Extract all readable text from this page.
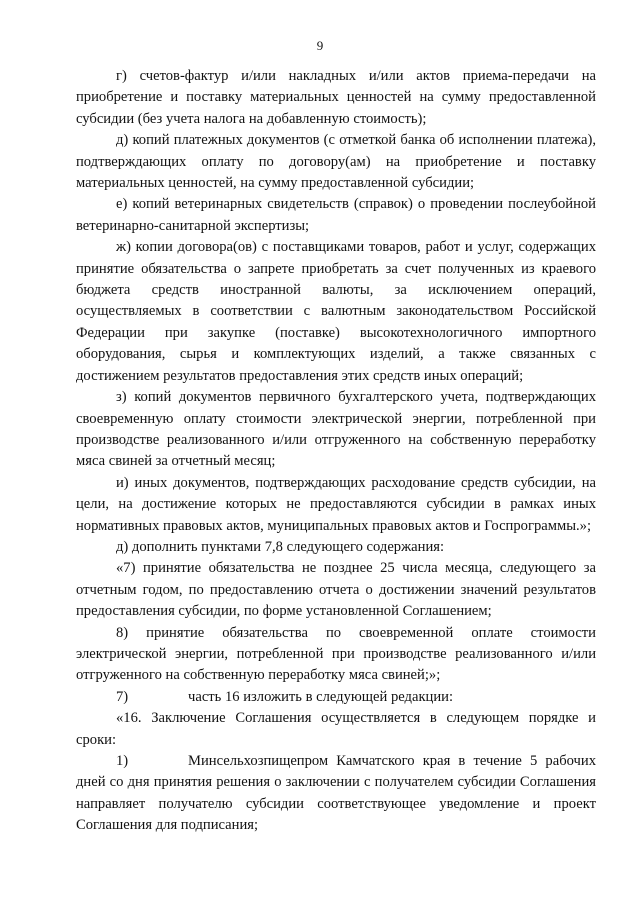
9

г) счетов-фактур и/или накладных и/или актов приема-передачи на приобретение и поставку материальных ценностей на сумму предоставленной субсидии (без учета налога на добавленную стоимость);

д) копий платежных документов (с отметкой банка об исполнении платежа), подтверждающих оплату по договору(ам) на приобретение и поставку материальных ценностей, на сумму предоставленной субсидии;

е) копий ветеринарных свидетельств (справок) о проведении послеубойной ветеринарно-санитарной экспертизы;

ж) копии договора(ов) с поставщиками товаров, работ и услуг, содержащих принятие обязательства о запрете приобретать за счет полученных из краевого бюджета средств иностранной валюты, за исключением операций, осуществляемых в соответствии с валютным законодательством Российской Федерации при закупке (поставке) высокотехнологичного импортного оборудования, сырья и комплектующих изделий, а также связанных с достижением результатов предоставления этих средств иных операций;

з) копий документов первичного бухгалтерского учета, подтверждающих своевременную оплату стоимости электрической энергии, потребленной при производстве реализованного и/или отгруженного на собственную переработку мяса свиней за отчетный месяц;

и) иных документов, подтверждающих расходование средств субсидии, на цели, на достижение которых не предоставляются субсидии в рамках иных нормативных правовых актов, муниципальных правовых актов и Госпрограммы.»;

д) дополнить пунктами 7,8 следующего содержания:

«7) принятие обязательства не позднее 25 числа месяца, следующего за отчетным годом, по предоставлению отчета о достижении значений результатов предоставления субсидии, по форме установленной Соглашением;

8) принятие обязательства по своевременной оплате стоимости электрической энергии, потребленной при производстве реализованного и/или отгруженного на собственную переработку мяса свиней;»;

7)	часть 16 изложить в следующей редакции:

«16. Заключение Соглашения осуществляется в следующем порядке и сроки:

1)	Минсельхозпищепром Камчатского края в течение 5 рабочих дней со дня принятия решения о заключении с получателем субсидии Соглашения направляет получателю субсидии соответствующее уведомление и проект Соглашения для подписания;
